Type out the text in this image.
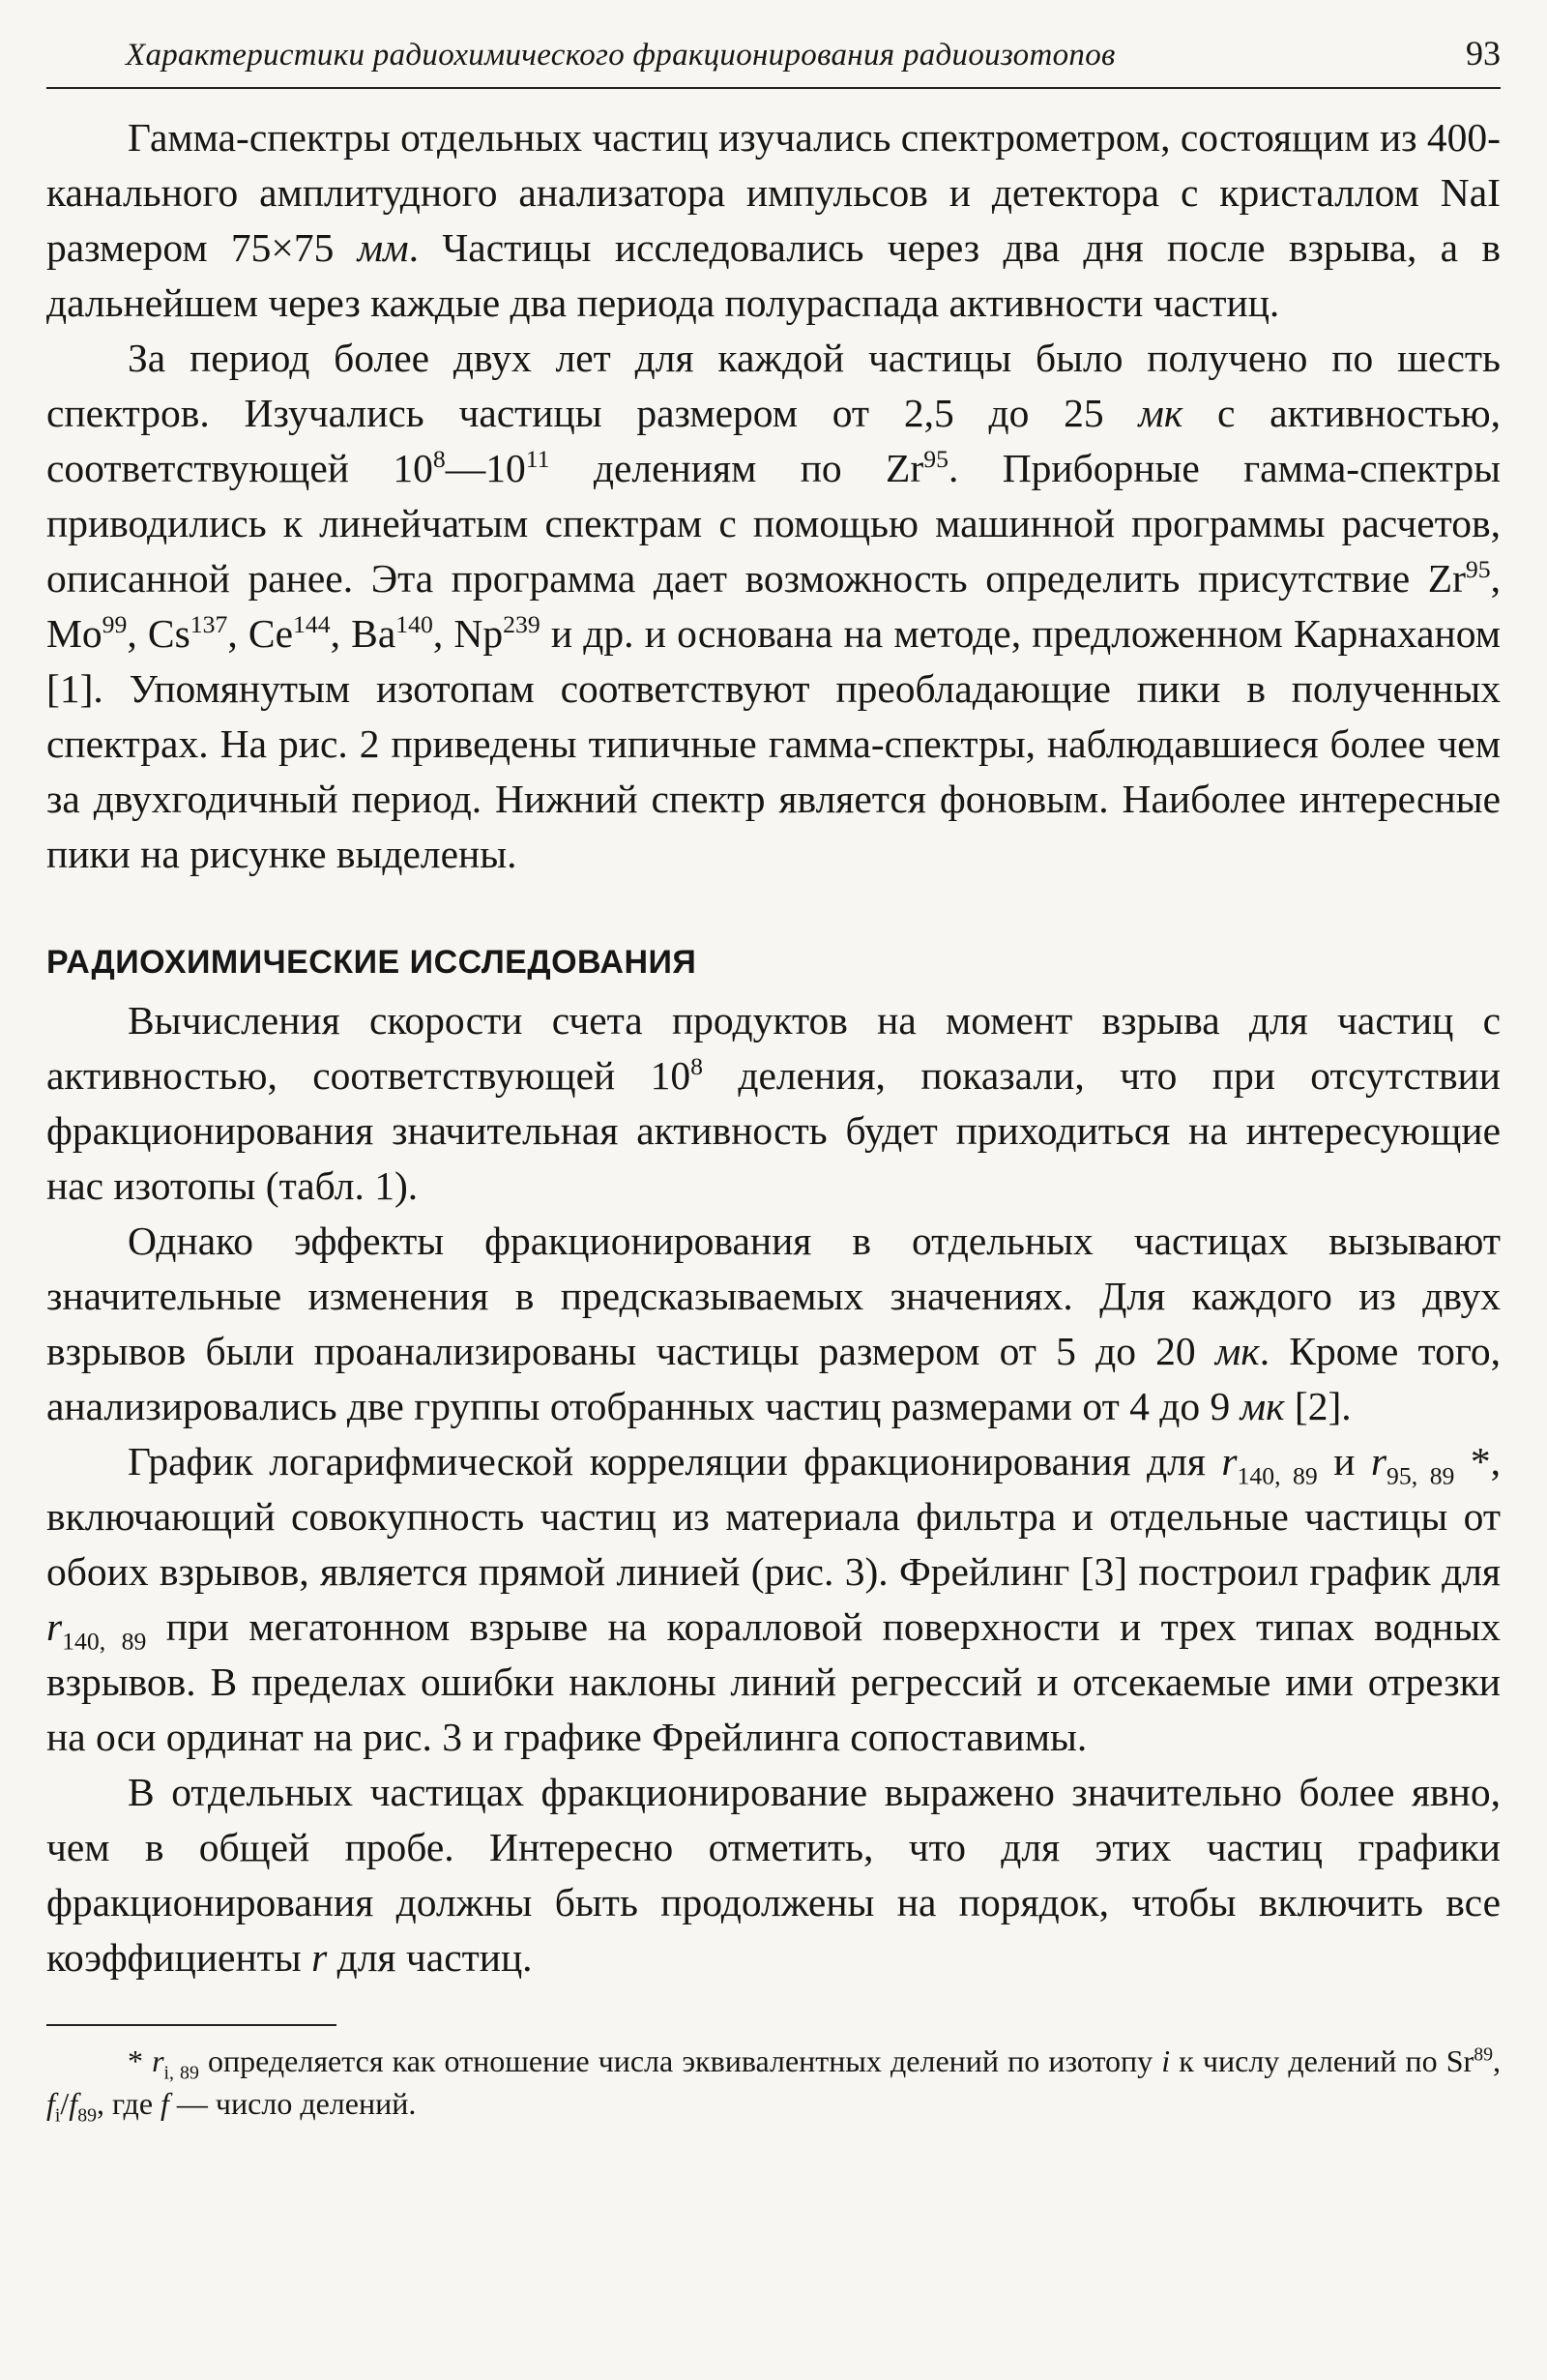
Характеристики радиохимического фракционирования радиоизотопов	93

Гамма-спектры отдельных частиц изучались спектрометром, состоящим из 400-канального амплитудного анализатора импульсов и детектора с кристаллом NaI размером 75×75 мм. Частицы исследовались через два дня после взрыва, а в дальнейшем через каждые два периода полураспада активности частиц.

За период более двух лет для каждой частицы было получено по шесть спектров. Изучались частицы размером от 2,5 до 25 мк с активностью, соответствующей $10^8—10^{11}$ делениям по Zr$^{95}$. Приборные гамма-спектры приводились к линейчатым спектрам с помощью машинной программы расчетов, описанной ранее. Эта программа дает возможность определить присутствие Zr$^{95}$, Mo$^{99}$, Cs$^{137}$, Ce$^{144}$, Ba$^{140}$, Np$^{239}$ и др. и основана на методе, предложенном Карнаханом [1]. Упомянутым изотопам соответствуют преобладающие пики в полученных спектрах. На рис. 2 приведены типичные гамма-спектры, наблюдавшиеся более чем за двухгодичный период. Нижний спектр является фоновым. Наиболее интересные пики на рисунке выделены.

РАДИОХИМИЧЕСКИЕ ИССЛЕДОВАНИЯ

Вычисления скорости счета продуктов на момент взрыва для частиц с активностью, соответствующей $10^8$ деления, показали, что при отсутствии фракционирования значительная активность будет приходиться на интересующие нас изотопы (табл. 1).

Однако эффекты фракционирования в отдельных частицах вызывают значительные изменения в предсказываемых значениях. Для каждого из двух взрывов были проанализированы частицы размером от 5 до 20 мк. Кроме того, анализировались две группы отобранных частиц размерами от 4 до 9 мк [2].

График логарифмической корреляции фракционирования для $r_{140, 89}$ и $r_{95, 89}$ *, включающий совокупность частиц из материала фильтра и отдельные частицы от обоих взрывов, является прямой линией (рис. 3). Фрейлинг [3] построил график для $r_{140, 89}$ при мегатонном взрыве на коралловой поверхности и трех типах водных взрывов. В пределах ошибки наклоны линий регрессий и отсекаемые ими отрезки на оси ординат на рис. 3 и графике Фрейлинга сопоставимы.

В отдельных частицах фракционирование выражено значительно более явно, чем в общей пробе. Интересно отметить, что для этих частиц графики фракционирования должны быть продолжены на порядок, чтобы включить все коэффициенты r для частиц.

* $r_{i, 89}$ определяется как отношение числа эквивалентных делений по изотопу i к числу делений по Sr$^{89}$, $f_i/f_{89}$, где f — число делений.
